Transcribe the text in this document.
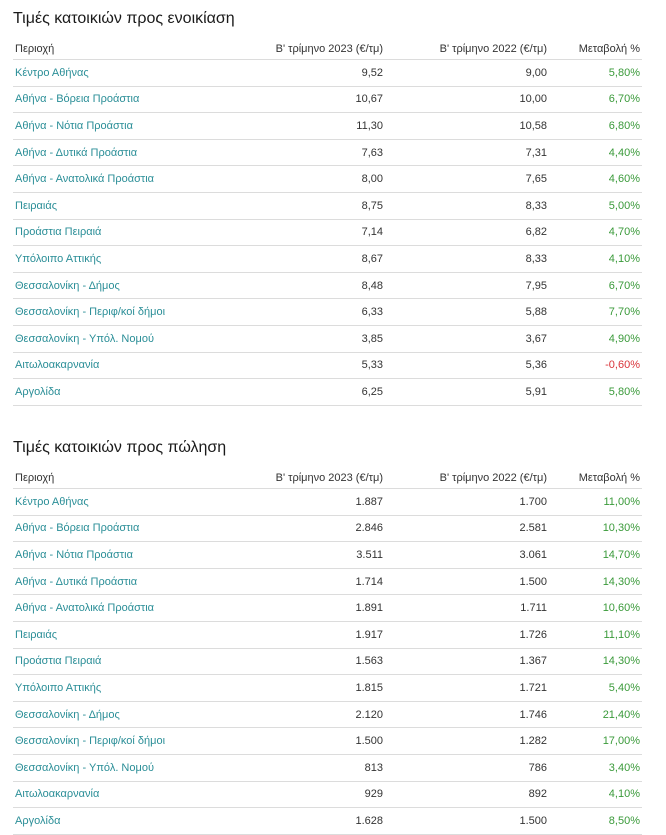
Τιμές κατοικιών προς ενοικίαση
Περιοχή	Β' τρίμηνο 2023 (€/τμ)	Β' τρίμηνο 2022 (€/τμ)	Μεταβολή %
Κέντρο Αθήνας	9,52	9,00	5,80%
Αθήνα - Βόρεια Προάστια	10,67	10,00	6,70%
Αθήνα - Νότια Προάστια	11,30	10,58	6,80%
Αθήνα - Δυτικά Προάστια	7,63	7,31	4,40%
Αθήνα - Ανατολικά Προάστια	8,00	7,65	4,60%
Πειραιάς	8,75	8,33	5,00%
Προάστια Πειραιά	7,14	6,82	4,70%
Υπόλοιπο Αττικής	8,67	8,33	4,10%
Θεσσαλονίκη - Δήμος	8,48	7,95	6,70%
Θεσσαλονίκη - Περιφ/κοί δήμοι	6,33	5,88	7,70%
Θεσσαλονίκη - Υπόλ. Νομού	3,85	3,67	4,90%
Αιτωλοακαρνανία	5,33	5,36	-0,60%
Αργολίδα	6,25	5,91	5,80%
Τιμές κατοικιών προς πώληση
Περιοχή	Β' τρίμηνο 2023 (€/τμ)	Β' τρίμηνο 2022 (€/τμ)	Μεταβολή %
Κέντρο Αθήνας	1.887	1.700	11,00%
Αθήνα - Βόρεια Προάστια	2.846	2.581	10,30%
Αθήνα - Νότια Προάστια	3.511	3.061	14,70%
Αθήνα - Δυτικά Προάστια	1.714	1.500	14,30%
Αθήνα - Ανατολικά Προάστια	1.891	1.711	10,60%
Πειραιάς	1.917	1.726	11,10%
Προάστια Πειραιά	1.563	1.367	14,30%
Υπόλοιπο Αττικής	1.815	1.721	5,40%
Θεσσαλονίκη - Δήμος	2.120	1.746	21,40%
Θεσσαλονίκη - Περιφ/κοί δήμοι	1.500	1.282	17,00%
Θεσσαλονίκη - Υπόλ. Νομού	813	786	3,40%
Αιτωλοακαρνανία	929	892	4,10%
Αργολίδα	1.628	1.500	8,50%
